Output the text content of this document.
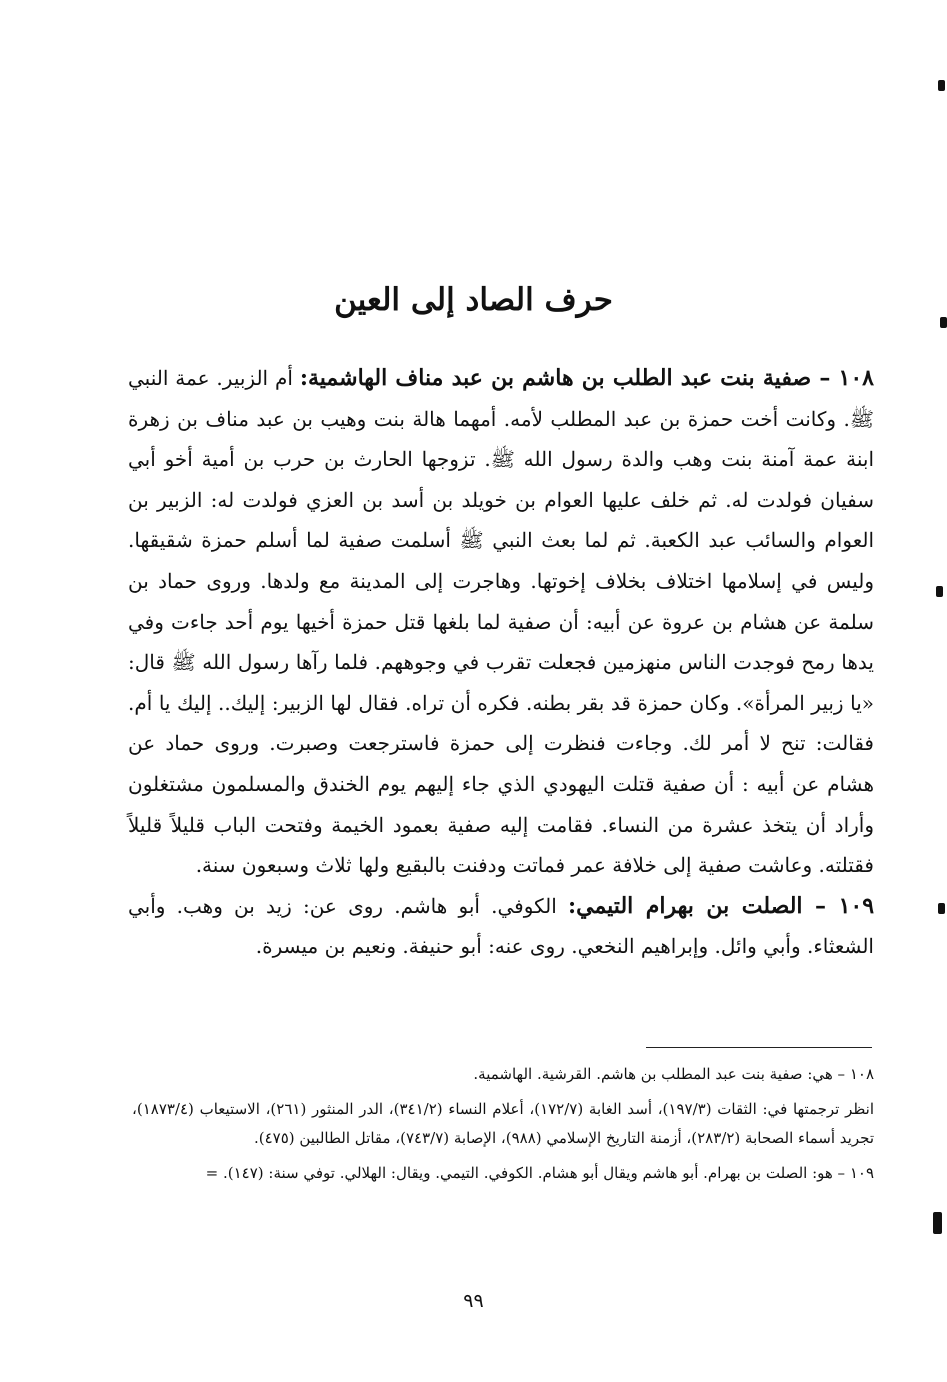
حرف الصاد إلى العين

١٠٨ – صفية بنت عبد الطلب بن هاشم بن عبد مناف الهاشمية: أم الزبير. عمة النبي ﷺ. وكانت أخت حمزة بن عبد المطلب لأمه. أمهما هالة بنت وهيب بن عبد مناف بن زهرة ابنة عمة آمنة بنت وهب والدة رسول الله ﷺ. تزوجها الحارث بن حرب بن أمية أخو أبي سفيان فولدت له. ثم خلف عليها العوام بن خويلد بن أسد بن العزي فولدت له: الزبير بن العوام والسائب عبد الكعبة. ثم لما بعث النبي ﷺ أسلمت صفية لما أسلم حمزة شقيقها. وليس في إسلامها اختلاف بخلاف إخوتها. وهاجرت إلى المدينة مع ولدها. وروى حماد بن سلمة عن هشام بن عروة عن أبيه: أن صفية لما بلغها قتل حمزة أخيها يوم أحد جاءت وفي يدها رمح فوجدت الناس منهزمين فجعلت تقرب في وجوههم. فلما رآها رسول الله ﷺ قال: «يا زبير المرأة». وكان حمزة قد بقر بطنه. فكره أن تراه. فقال لها الزبير: إليك.. إليك يا أم. فقالت: تنح لا أمر لك. وجاءت فنظرت إلى حمزة فاسترجعت وصبرت. وروى حماد عن هشام عن أبيه : أن صفية قتلت اليهودي الذي جاء إليهم يوم الخندق والمسلمون مشتغلون وأراد أن يتخذ عشرة من النساء. فقامت إليه صفية بعمود الخيمة وفتحت الباب قليلاً قليلاً فقتلته. وعاشت صفية إلى خلافة عمر فماتت ودفنت بالبقيع ولها ثلاث وسبعون سنة.

١٠٩ – الصلت بن بهرام التيمي: الكوفي. أبو هاشم. روى عن: زيد بن وهب. وأبي الشعثاء. وأبي وائل. وإبراهيم النخعي. روى عنه: أبو حنيفة. ونعيم بن ميسرة.

١٠٨ – هي: صفية بنت عبد المطلب بن هاشم. القرشية. الهاشمية.

انظر ترجمتها في: الثقات (١٩٧/٣)، أسد الغابة (١٧٢/٧)، أعلام النساء (٣٤١/٢)، الدر المنثور (٢٦١)، الاستيعاب (١٨٧٣/٤)، تجريد أسماء الصحابة (٢٨٣/٢)، أزمنة التاريخ الإسلامي (٩٨٨)، الإصابة (٧٤٣/٧)، مقاتل الطالبين (٤٧٥).

١٠٩ – هو: الصلت بن بهرام. أبو هاشم ويقال أبو هشام. الكوفي. التيمي. ويقال: الهلالي. توفي سنة: (١٤٧). =

٩٩
